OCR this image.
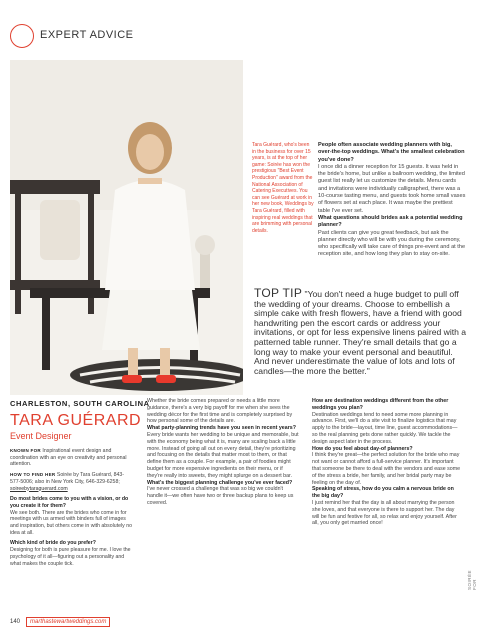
EXPERT ADVICE
Tara Guérard, who's been in the business for over 15 years, is at the top of her game: Soirée has won the prestigious "Best Event Production" award from the National Association of Catering Executives. You can see Guérard at work in her new book, Weddings by Tara Guérard, filled with inspiring real weddings that are brimming with personal details.

People often associate wedding planners with big, over-the-top weddings. What's the smallest celebration you've done?

I once did a dinner reception for 15 guests. It was held in the bride's home, but unlike a ballroom wedding, the limited guest list really let us customize the details. Menu cards and invitations were individually calligraphed, there was a 10-course tasting menu, and guests took home small vases of flowers set at each place. It was maybe the prettiest table I've ever set.

What questions should brides ask a potential wedding planner?

Past clients can give you great feedback, but ask the planner directly who will be with you during the ceremony, who specifically will take care of things pre-event and at the reception site, and how long they plan to stay on-site.

TOP TIP "You don't need a huge budget to pull off the wedding of your dreams. Choose to embellish a simple cake with fresh flowers, have a friend with good handwriting pen the escort cards or address your invitations, or opt for less expensive linens paired with a patterned table runner. They're small details that go a long way to make your event personal and beautiful. And never underestimate the value of lots and lots of candles—the more the better."
CHARLESTON, SOUTH CAROLINA
TARA GUÉRARD
Event Designer

KNOWN FOR Inspirational event design and coordination with an eye on creativity and personal attention.

HOW TO FIND HER Soirée by Tara Guérard, 843-577-5006; also in New York City, 646-329-6258; soireebytaraguerard.com

Do most brides come to you with a vision, or do you create it for them?

We see both. There are the brides who come in for meetings with us armed with binders full of images and inspiration, but others come in with absolutely no idea at all.

Which kind of bride do you prefer?

Designing for both is pure pleasure for me. I love the psychology of it all—figuring out a personality and what makes the couple tick.

Whether the bride comes prepared or needs a little more guidance, there's a very big payoff for me when she sees the wedding décor for the first time and is completely surprised by how personal some of the details are.

What party-planning trends have you seen in recent years?

Every bride wants her wedding to be unique and memorable, but with the economy being what it is, many are scaling back a little more. Instead of going all out on every detail, they're prioritizing and focusing on the details that matter most to them, or that define them as a couple. For example, a pair of foodies might budget for more expensive ingredients on their menu, or if they're really into sweets, they might splurge on a dessert bar.

What's the biggest planning challenge you've ever faced?

I've never crossed a challenge that was so big we couldn't handle it—we often have two or three backup plans to keep us covered.

How are destination weddings different from the other weddings you plan?

Destination weddings tend to need some more planning in advance. First, we'll do a site visit to finalize logistics that may apply to the bride—layout, time line, guest accommodations—so the real planning gets done rather quickly. We tackle the design aspect later in the process.

How do you feel about day-of planners?

I think they're great—the perfect solution for the bride who may not want or cannot afford a full-service planner. It's important that someone be there to deal with the vendors and ease some of the stress a bride, her family, and her bridal party may be feeling on the day of.

Speaking of stress, how do you calm a nervous bride on the big day?

I just remind her that the day is all about marrying the person she loves, and that everyone is there to support her. The day will be fun and festive for all, so relax and enjoy yourself. After all, you only get married once!

SOIRÉE FOR
140	marthastewartweddings.com
